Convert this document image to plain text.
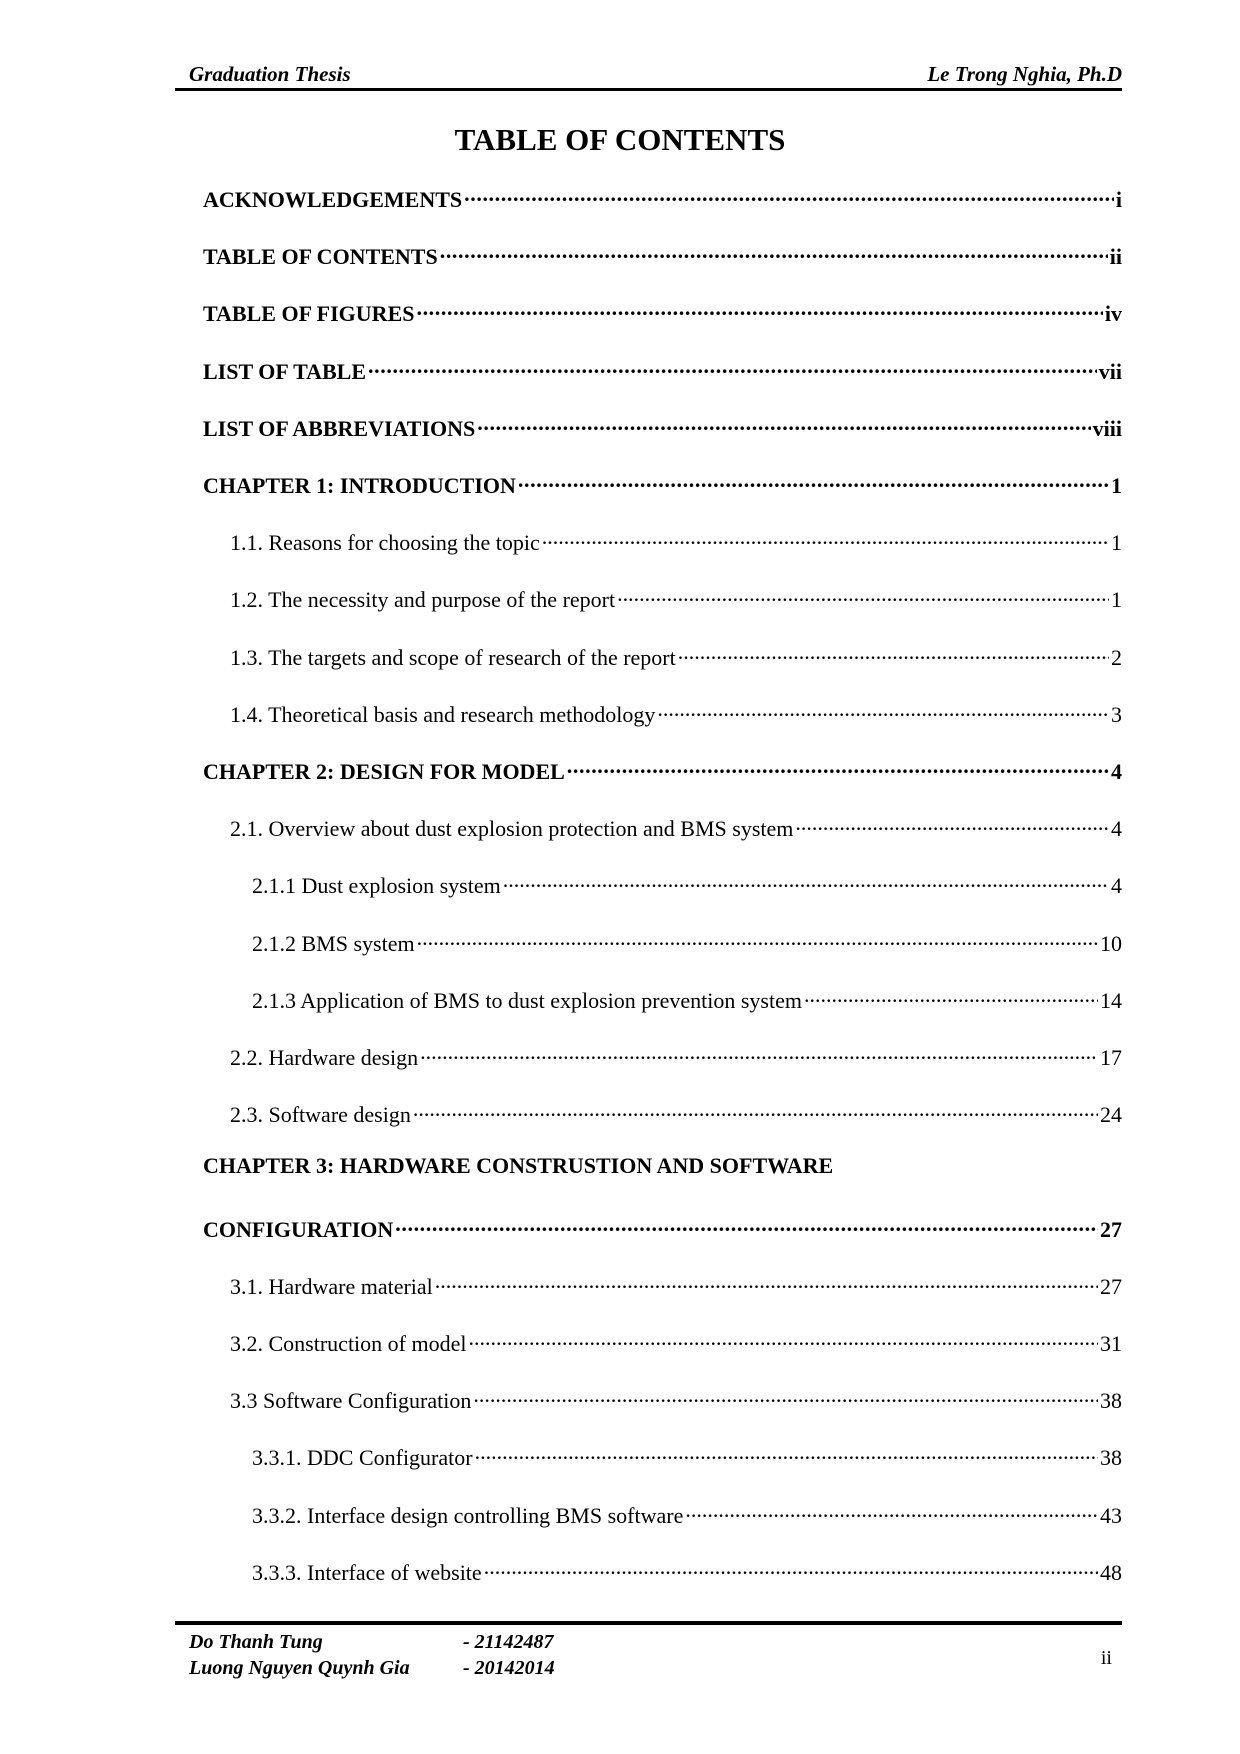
Graduation Thesis	Le Trong Nghia, Ph.D
TABLE OF CONTENTS
ACKNOWLEDGEMENTS .....	i
TABLE OF CONTENTS .....	ii
TABLE OF FIGURES .....	iv
LIST OF TABLE .....	vii
LIST OF ABBREVIATIONS .....	viii
CHAPTER 1: INTRODUCTION .....	1
1.1. Reasons for choosing the topic .....	1
1.2. The necessity and purpose of the report .....	1
1.3. The targets and scope of research of the report .....	2
1.4. Theoretical basis and research methodology .....	3
CHAPTER 2: DESIGN FOR MODEL .....	4
2.1. Overview about dust explosion protection and BMS system .....	4
2.1.1 Dust explosion system .....	4
2.1.2 BMS system .....	10
2.1.3 Application of BMS to dust explosion prevention system .....	14
2.2. Hardware design .....	17
2.3. Software design .....	24
CHAPTER 3: HARDWARE CONSTRUSTION AND SOFTWARE
CONFIGURATION .....	27
3.1. Hardware material .....	27
3.2. Construction of model .....	31
3.3 Software Configuration .....	38
3.3.1. DDC Configurator .....	38
3.3.2. Interface design controlling BMS software .....	43
3.3.3. Interface of website .....	48
Do Thanh Tung	- 21142487
Luong Nguyen Quynh Gia	- 20142014	ii
